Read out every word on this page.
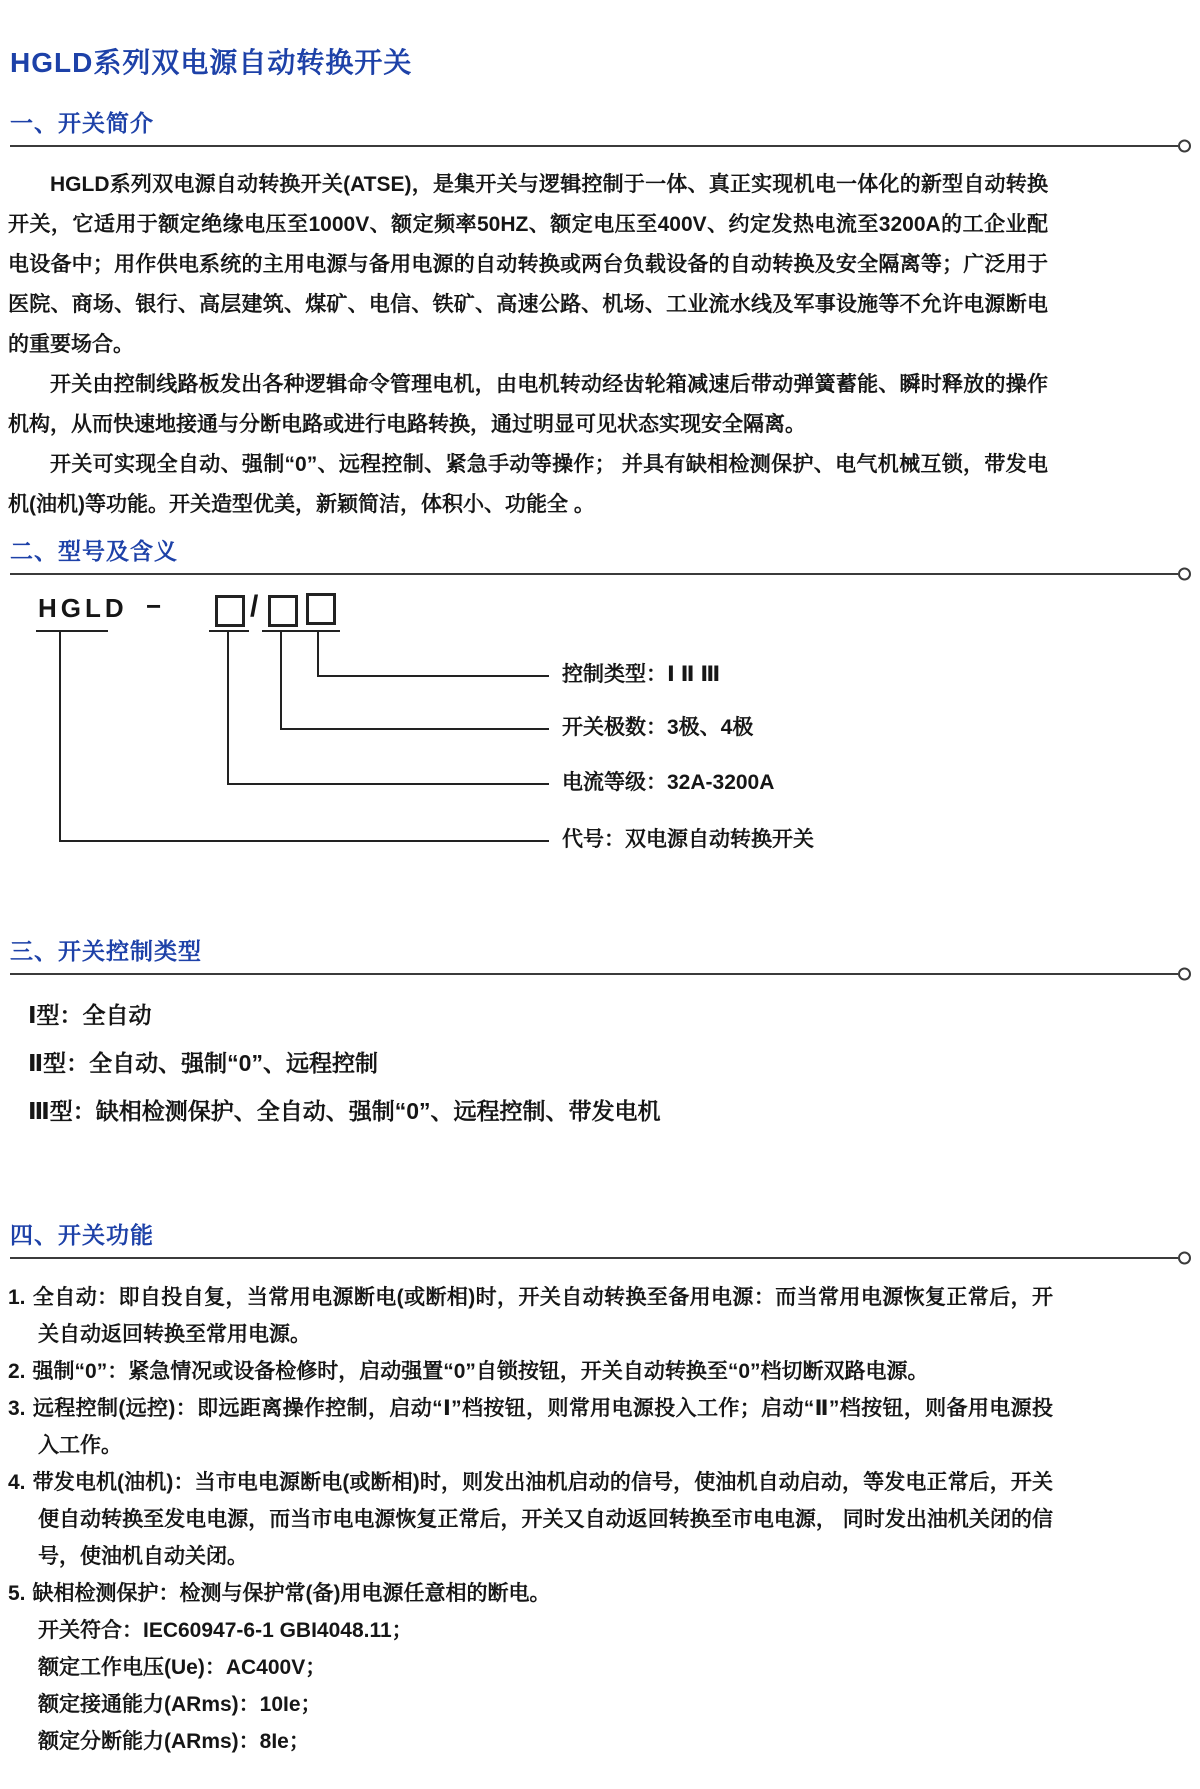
HGLD系列双电源自动转换开关
一、开关简介

HGLD系列双电源自动转换开关(ATSE)，是集开关与逻辑控制于一体、真正实现机电一体化的新型自动转换开关，它适用于额定绝缘电压至1000V、额定频率50HZ、额定电压至400V、约定发热电流至3200A的工企业配电设备中；用作供电系统的主用电源与备用电源的自动转换或两台负载设备的自动转换及安全隔离等；广泛用于医院、商场、银行、高层建筑、煤矿、电信、铁矿、高速公路、机场、工业流水线及军事设施等不允许电源断电的重要场合。

开关由控制线路板发出各种逻辑命令管理电机，由电机转动经齿轮箱减速后带动弹簧蓄能、瞬时释放的操作机构，从而快速地接通与分断电路或进行电路转换，通过明显可见状态实现安全隔离。

开关可实现全自动、强制“0”、远程控制、紧急手动等操作； 并具有缺相检测保护、电气机械互锁，带发电机(油机)等功能。开关造型优美，新颖简洁，体积小、功能全 。

二、型号及含义
HGLD −	/
控制类型：Ⅰ Ⅱ Ⅲ
开关极数：3极、4极
电流等级：32A-3200A
代号：双电源自动转换开关
三、开关控制类型
Ⅰ型：全自动
Ⅱ型：全自动、强制“0”、远程控制
Ⅲ型：缺相检测保护、全自动、强制“0”、远程控制、带发电机
四、开关功能
1. 全自动：即自投自复，当常用电源断电(或断相)时，开关自动转换至备用电源：而当常用电源恢复正常后，开关自动返回转换至常用电源。
2. 强制“0”：紧急情况或设备检修时，启动强置“0”自锁按钮，开关自动转换至“0”档切断双路电源。
3. 远程控制(远控)：即远距离操作控制，启动“Ⅰ”档按钮，则常用电源投入工作；启动“Ⅱ”档按钮，则备用电源投入工作。
4. 带发电机(油机)：当市电电源断电(或断相)时，则发出油机启动的信号，使油机自动启动，等发电正常后，开关便自动转换至发电电源，而当市电电源恢复正常后，开关又自动返回转换至市电电源， 同时发出油机关闭的信号，使油机自动关闭。
5. 缺相检测保护：检测与保护常(备)用电源任意相的断电。
开关符合：IEC60947-6-1 GBI4048.11；
额定工作电压(Ue)：AC400V；
额定接通能力(ARms)：10Ie；
额定分断能力(ARms)：8Ie；
